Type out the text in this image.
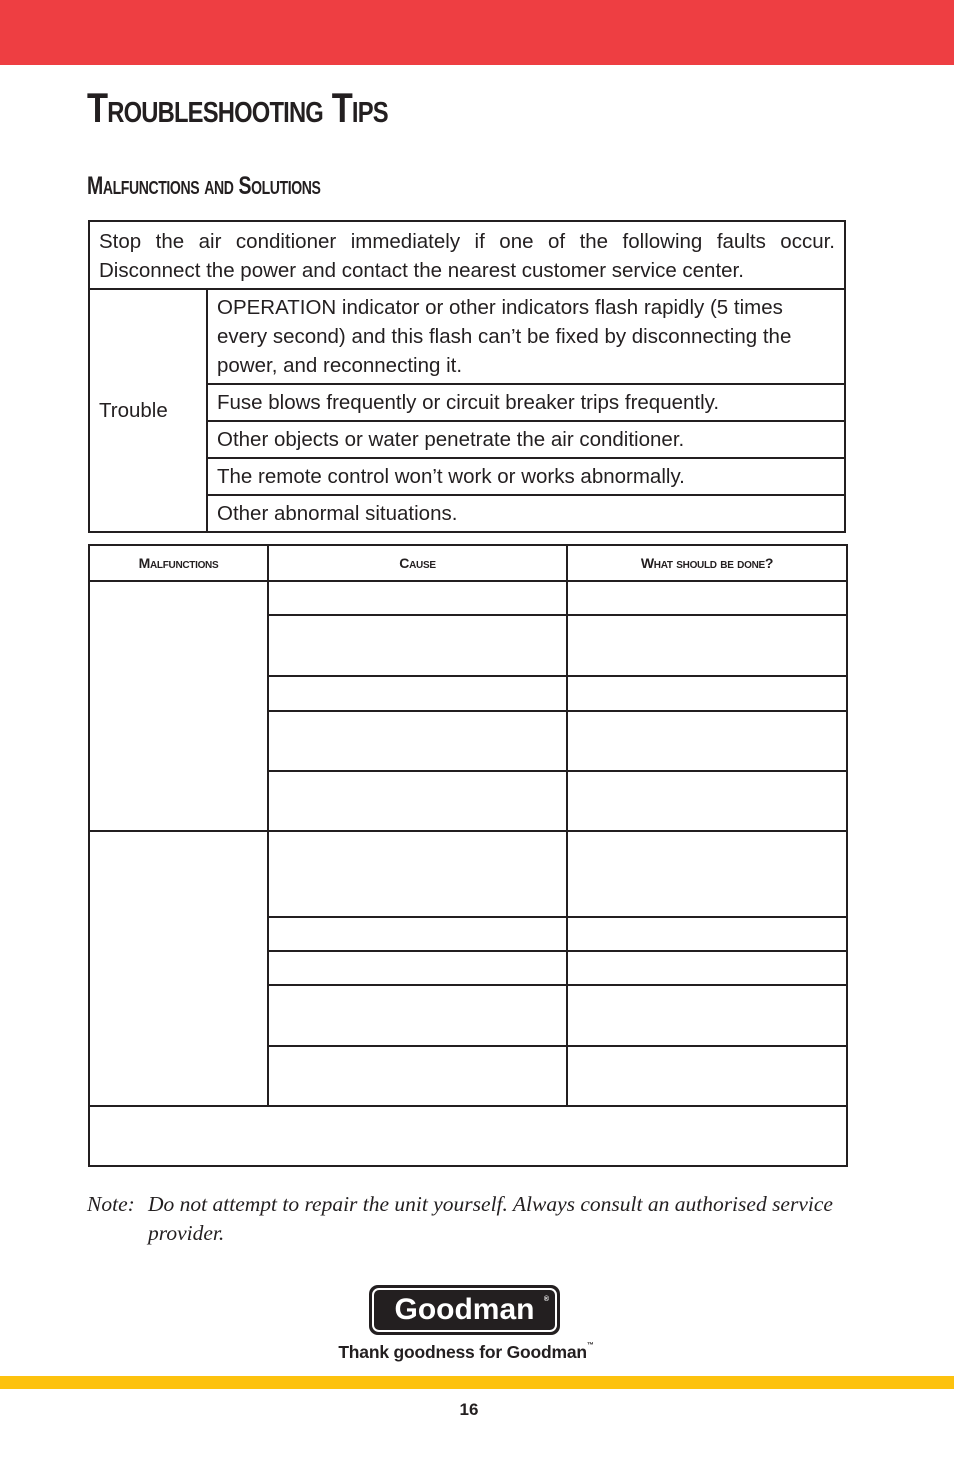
Troubleshooting Tips
Malfunctions and Solutions
Stop the air conditioner immediately if one of the following faults occur. Disconnect the power and contact the nearest customer service center.
Trouble	OPERATION indicator or other indicators flash rapidly (5 times every second) and this flash can’t be fixed by disconnecting the power, and reconnecting it.
Fuse blows frequently or circuit breaker trips frequently.
Other objects or water penetrate the air conditioner.
The remote control won’t work or works abnormally.
Other abnormal situations.
Malfunctions	Cause	What should be done?

Note: Do not attempt to repair the unit yourself. Always consult an authorised service provider.
Goodman ®
Thank goodness for Goodman™
16
